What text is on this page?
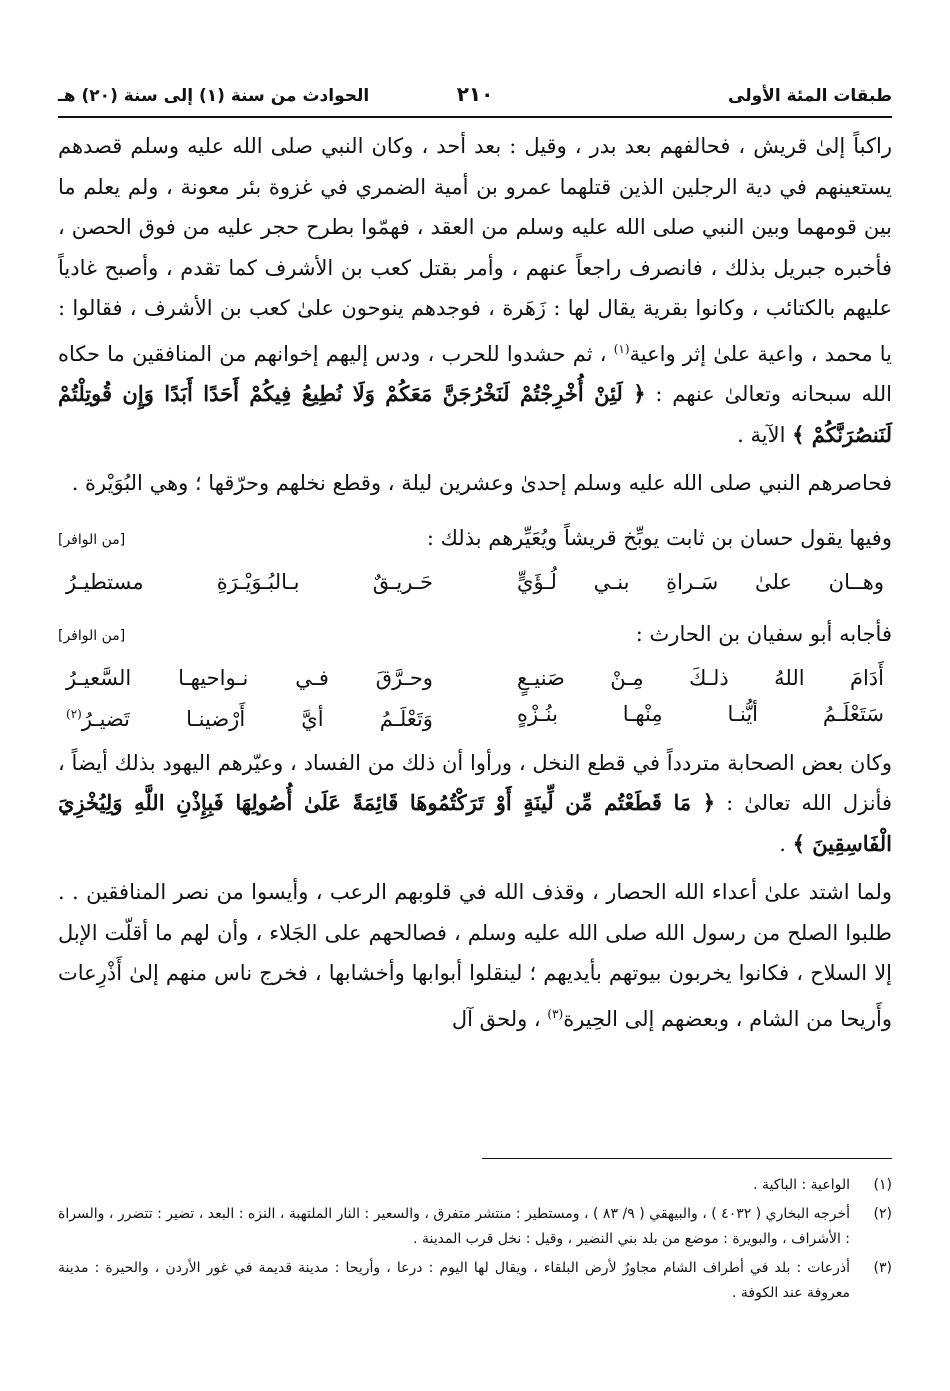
طبقات المئة الأولى
٢١٠
الحوادث من سنة (١) إلى سنة (٢٠) هـ

راكباً إلىٰ قريش ، فحالفهم بعد بدر ، وقيل : بعد أحد ، وكان النبي صلى الله عليه وسلم قصدهم يستعينهم في دية الرجلين الذين قتلهما عمرو بن أمية الضمري في غزوة بئر معونة ، ولم يعلم ما بين قومهما وبين النبي صلى الله عليه وسلم من العقد ، فهمّوا بطرح حجر عليه من فوق الحصن ، فأخبره جبريل بذلك ، فانصرف راجعاً عنهم ، وأمر بقتل كعب بن الأشرف كما تقدم ، وأصبح غادياً عليهم بالكتائب ، وكانوا بقرية يقال لها : زَهَرة ، فوجدهم ينوحون علىٰ كعب بن الأشرف ، فقالوا : يا محمد ، واعية علىٰ إثر واعية$^{(١)}$ ، ثم حشدوا للحرب ، ودس إليهم إخوانهم من المنافقين ما حكاه الله سبحانه وتعالىٰ عنهم : ﴿ لَئِنْ أُخْرِجْتُمْ لَنَخْرُجَنَّ مَعَكُمْ وَلَا نُطِيعُ فِيكُمْ أَحَدًا أَبَدًا وَإِن قُوتِلْتُمْ لَنَنصُرَنَّكُمْ ﴾ الآية .

فحاصرهم النبي صلى الله عليه وسلم إحدىٰ وعشرين ليلة ، وقطع نخلهم وحرّقها ؛ وهي البُوَيْرة .

وفيها يقول حسان بن ثابت يوبِّخ قريشاً ويُعَيِّرهم بذلك :
[من الوافر]
وهــان علىٰ سَـراةِ بنـي لُـؤَيٍّ
حَـريـقٌ بـالبُـوَيْـرَةِ مستطيـرُ
فأجابه أبو سفيان بن الحارث :
[من الوافر]
أَدَامَ اللهُ ذلـكَ مِـنْ صَنيـعٍ
وحـرَّقَ فـي نـواحيهـا السَّعيـرُ
سَتَعْلَـمُ أيُّنـا مِنْهـا بنُـزْهٍ
وَتَعْلَـمُ أيَّ أَرْضينـا تَضيـرُ$^{(٢)}$

وكان بعض الصحابة متردداً في قطع النخل ، ورأوا أن ذلك من الفساد ، وعيّرهم اليهود بذلك أيضاً ، فأنزل الله تعالىٰ : ﴿ مَا قَطَعْتُم مِّن لِّينَةٍ أَوْ تَرَكْتُمُوهَا قَائِمَةً عَلَىٰ أُصُولِهَا فَبِإِذْنِ اللَّهِ وَلِيُخْزِيَ الْفَاسِقِينَ ﴾ .

ولما اشتد علىٰ أعداء الله الحصار ، وقذف الله في قلوبهم الرعب ، وأيسوا من نصر المنافقين . . طلبوا الصلح من رسول الله صلى الله عليه وسلم ، فصالحهم على الجَلاء ، وأن لهم ما أقلّت الإبل إلا السلاح ، فكانوا يخربون بيوتهم بأيديهم ؛ لينقلوا أبوابها وأخشابها ، فخرج ناس منهم إلىٰ أَذْرِعات وأَريحا من الشام ، وبعضهم إلى الحِيرة$^{(٣)}$ ، ولحق آل

(١)
الواعية : الباكية .
(٢)
أخرجه البخاري ( ٤٠٣٢ ) ، والبيهقي ( ٩/ ٨٣ ) ، ومستطير : منتشر متفرق ، والسعير : النار الملتهبة ، النزه : البعد ، تضير : تتضرر ، والسراة : الأشراف ، والبويرة : موضع من بلد بني النضير ، وقيل : نخل قرب المدينة .
(٣)
أذرعات : بلد في أطراف الشام مجاورٌ لأرض البلقاء ، ويقال لها اليوم : درعا ، وأريحا : مدينة قديمة في غور الأردن ، والحيرة : مدينة معروفة عند الكوفة .
